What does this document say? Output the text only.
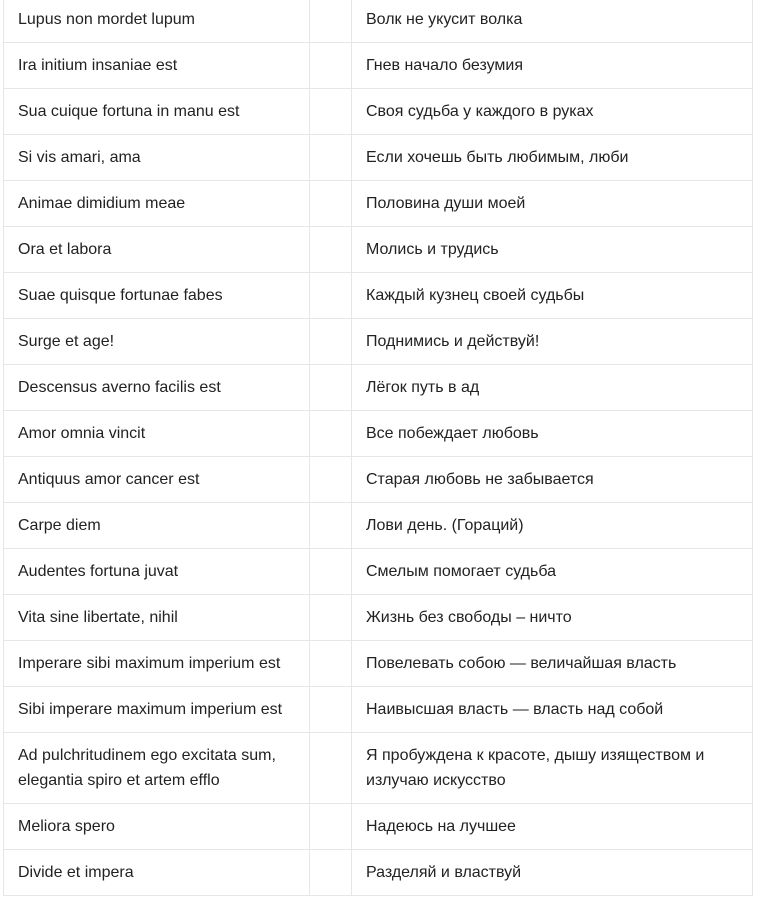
Lupus non mordet lupum		Волк не укусит волка
Ira initium insaniae est		Гнев начало безумия
Sua cuique fortuna in manu est		Своя судьба у каждого в руках
Si vis amari, ama		Если хочешь быть любимым, люби
Animae dimidium meae		Половина души моей
Ora et labora		Молись и трудись
Suae quisque fortunae fabes		Каждый кузнец своей судьбы
Surge et age!		Поднимись и действуй!
Descensus averno facilis est		Лёгок путь в ад
Amor omnia vincit		Все побеждает любовь
Antiquus amor cancer est		Старая любовь не забывается
Carpe diem		Лови день. (Гораций)
Audentes fortuna juvat		Смелым помогает судьба
Vita sine libertate, nihil		Жизнь без свободы – ничто
Imperare sibi maximum imperium est		Повелевать собою — величайшая власть
Sibi imperare maximum imperium est		Наивысшая власть — власть над собой
Ad pulchritudinem ego excitata sum, elegantia spiro et artem efflo		Я пробуждена к красоте, дышу изяществом и излучаю искусство
Meliora spero		Надеюсь на лучшее
Divide et impera		Разделяй и властвуй
